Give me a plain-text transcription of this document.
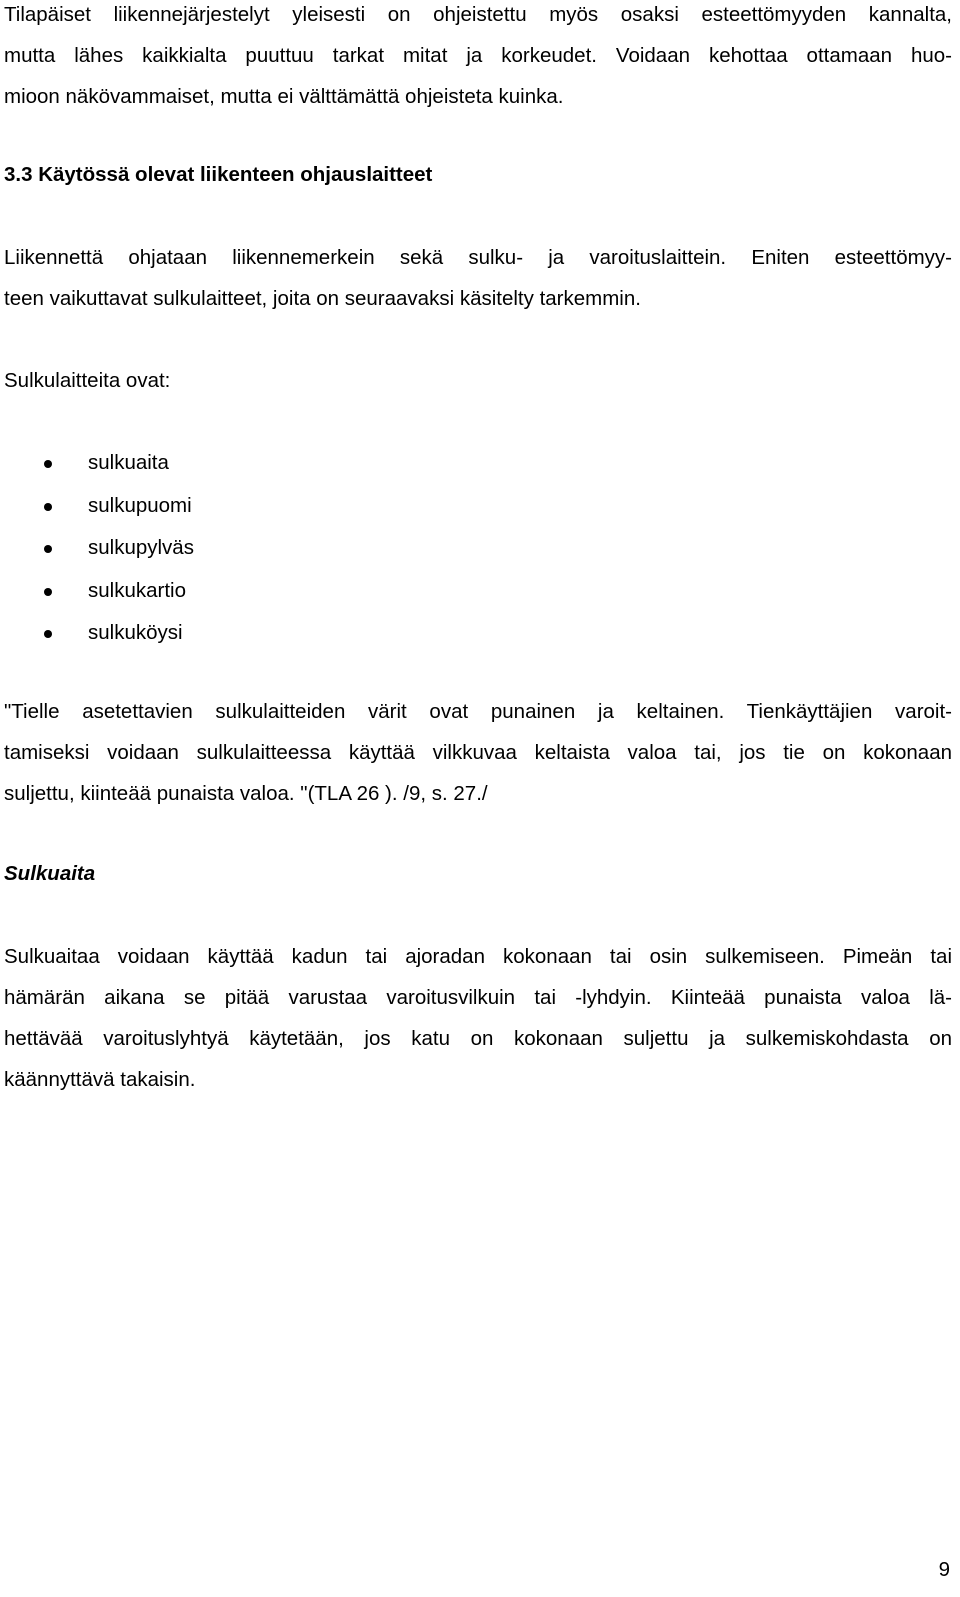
Tilapäiset liikennejärjestelyt yleisesti on ohjeistettu myös osaksi esteettömyyden kannalta,
mutta lähes kaikkialta puuttuu tarkat mitat ja korkeudet. Voidaan kehottaa ottamaan huo-
mioon näkövammaiset, mutta ei välttämättä ohjeisteta kuinka.

3.3 Käytössä olevat liikenteen ohjauslaitteet

Liikennettä ohjataan liikennemerkein sekä sulku- ja varoituslaittein. Eniten esteettömyy-
teen vaikuttavat sulkulaitteet, joita on seuraavaksi käsitelty tarkemmin.

Sulkulaitteita ovat:

sulkuaita
sulkupuomi
sulkupylväs
sulkukartio
sulkuköysi

"Tielle asetettavien sulkulaitteiden värit ovat punainen ja keltainen. Tienkäyttäjien varoit-
tamiseksi voidaan sulkulaitteessa käyttää vilkkuvaa keltaista valoa tai, jos tie on kokonaan
suljettu, kiinteää punaista valoa. "(TLA 26 ). /9, s. 27./

Sulkuaita

Sulkuaitaa voidaan käyttää kadun tai ajoradan kokonaan tai osin sulkemiseen. Pimeän tai
hämärän aikana se pitää varustaa varoitusvilkuin tai -lyhdyin. Kiinteää punaista valoa lä-
hettävää varoituslyhtyä käytetään, jos katu on kokonaan suljettu ja sulkemiskohdasta on
käännyttävä takaisin.

9
